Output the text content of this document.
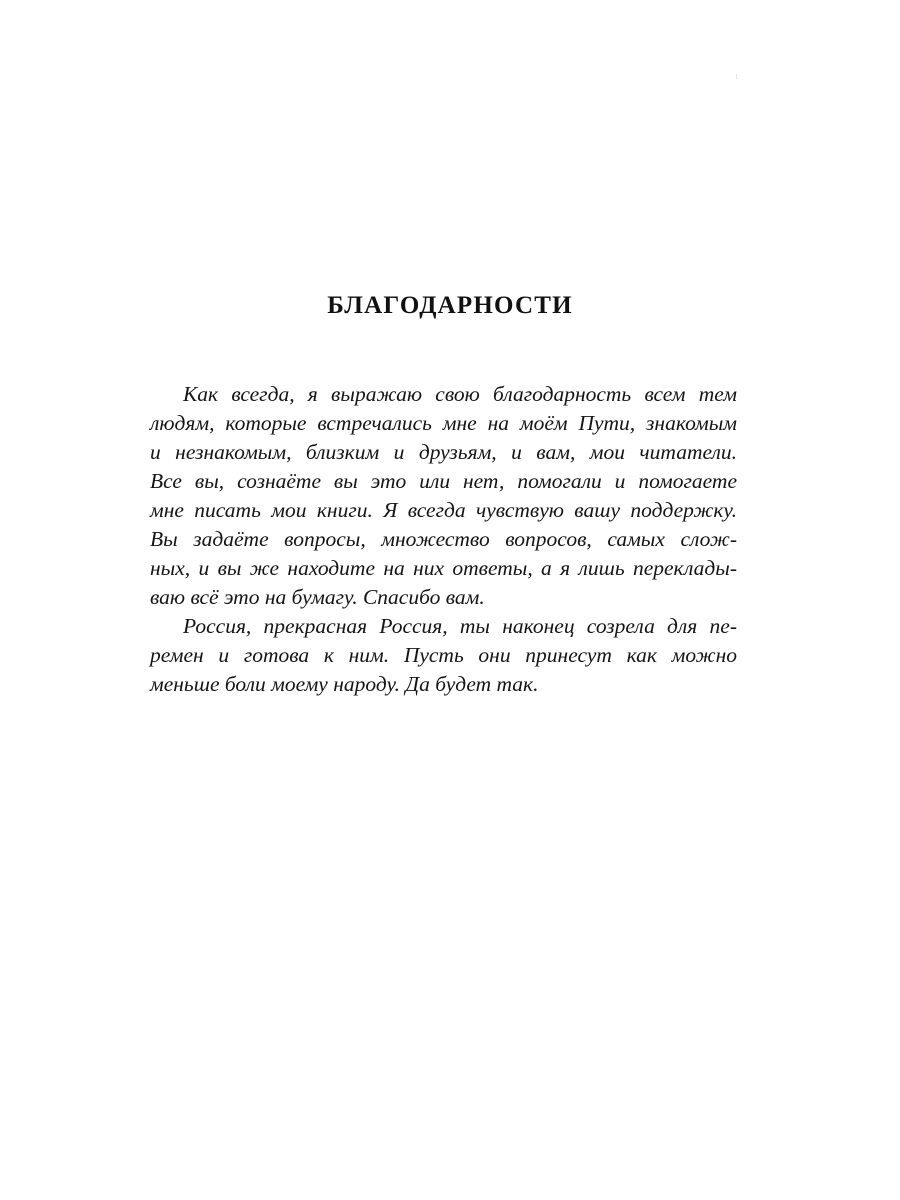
БЛАГОДАРНОСТИ
Как всегда, я выражаю свою благодарность всем тем
людям, которые встречались мне на моём Пути, знакомым
и незнакомым, близким и друзьям, и вам, мои читатели.
Все вы, сознаёте вы это или нет, помогали и помогаете
мне писать мои книги. Я всегда чувствую вашу поддержку.
Вы задаёте вопросы, множество вопросов, самых слож-
ных, и вы же находите на них ответы, а я лишь переклады-
ваю всё это на бумагу. Спасибо вам.
Россия, прекрасная Россия, ты наконец созрела для пе-
ремен и готова к ним. Пусть они принесут как можно
меньше боли моему народу. Да будет так.
